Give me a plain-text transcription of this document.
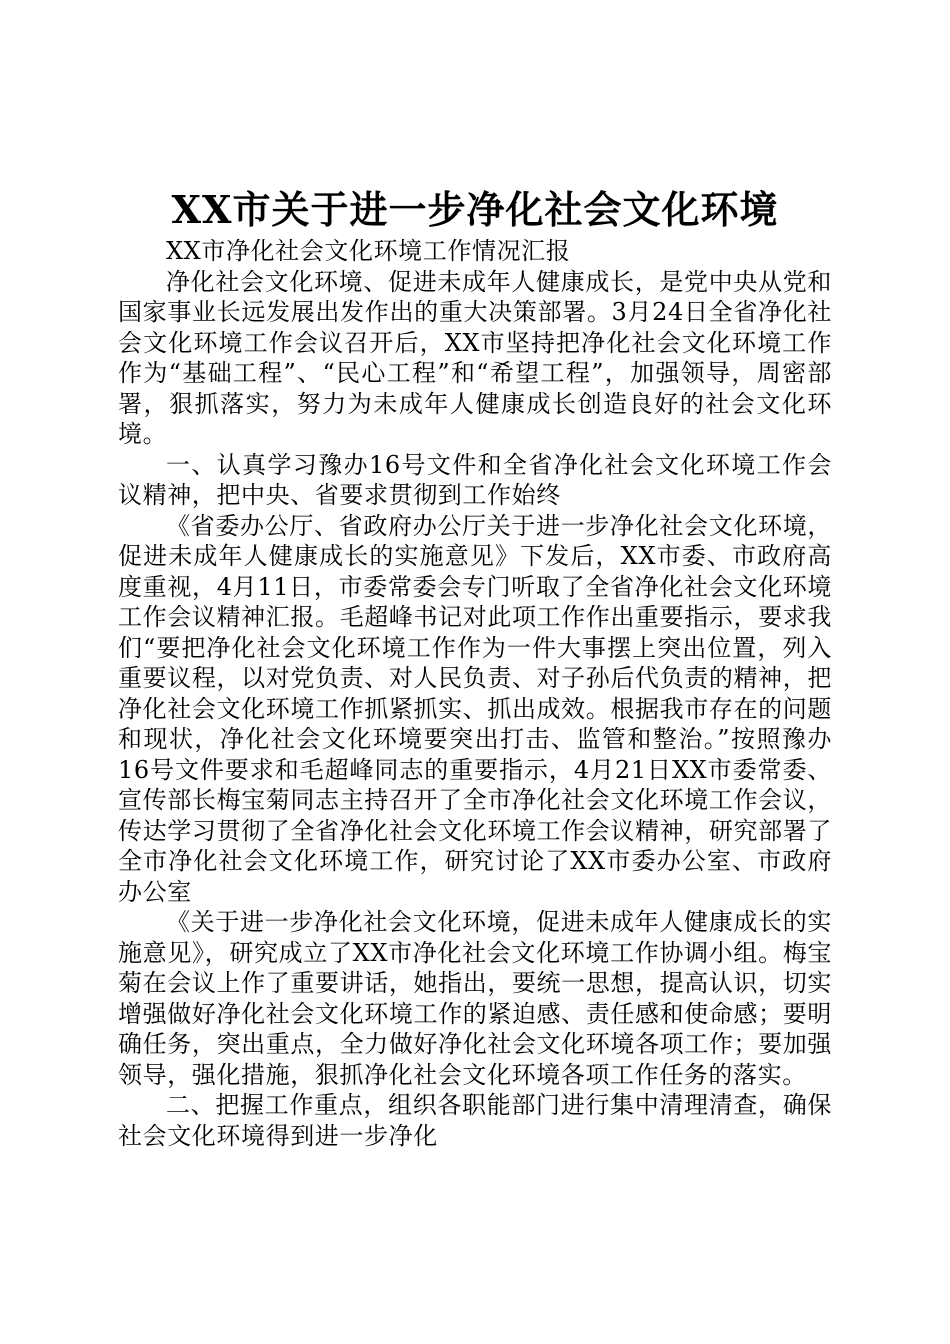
XX市关于进一步净化社会文化环境

XX市净化社会文化环境工作情况汇报

净化社会文化环境、促进未成年人健康成长，是党中央从党和国家事业长远发展出发作出的重大决策部署。3月24日全省净化社会文化环境工作会议召开后，XX市坚持把净化社会文化环境工作作为“基础工程”、“民心工程”和“希望工程”，加强领导，周密部署，狠抓落实，努力为未成年人健康成长创造良好的社会文化环境。

一、认真学习豫办16号文件和全省净化社会文化环境工作会议精神，把中央、省要求贯彻到工作始终

《省委办公厅、省政府办公厅关于进一步净化社会文化环境，促进未成年人健康成长的实施意见》下发后，XX市委、市政府高度重视，4月11日，市委常委会专门听取了全省净化社会文化环境工作会议精神汇报。毛超峰书记对此项工作作出重要指示，要求我们“要把净化社会文化环境工作作为一件大事摆上突出位置，列入重要议程，以对党负责、对人民负责、对子孙后代负责的精神，把净化社会文化环境工作抓紧抓实、抓出成效。根据我市存在的问题和现状，净化社会文化环境要突出打击、监管和整治。”按照豫办16号文件要求和毛超峰同志的重要指示，4月21日XX市委常委、宣传部长梅宝菊同志主持召开了全市净化社会文化环境工作会议，传达学习贯彻了全省净化社会文化环境工作会议精神，研究部署了全市净化社会文化环境工作，研究讨论了XX市委办公室、市政府办公室

《关于进一步净化社会文化环境，促进未成年人健康成长的实施意见》，研究成立了XX市净化社会文化环境工作协调小组。梅宝菊在会议上作了重要讲话，她指出，要统一思想，提高认识，切实增强做好净化社会文化环境工作的紧迫感、责任感和使命感；要明确任务，突出重点，全力做好净化社会文化环境各项工作；要加强领导，强化措施，狠抓净化社会文化环境各项工作任务的落实。

二、把握工作重点，组织各职能部门进行集中清理清查，确保社会文化环境得到进一步净化
